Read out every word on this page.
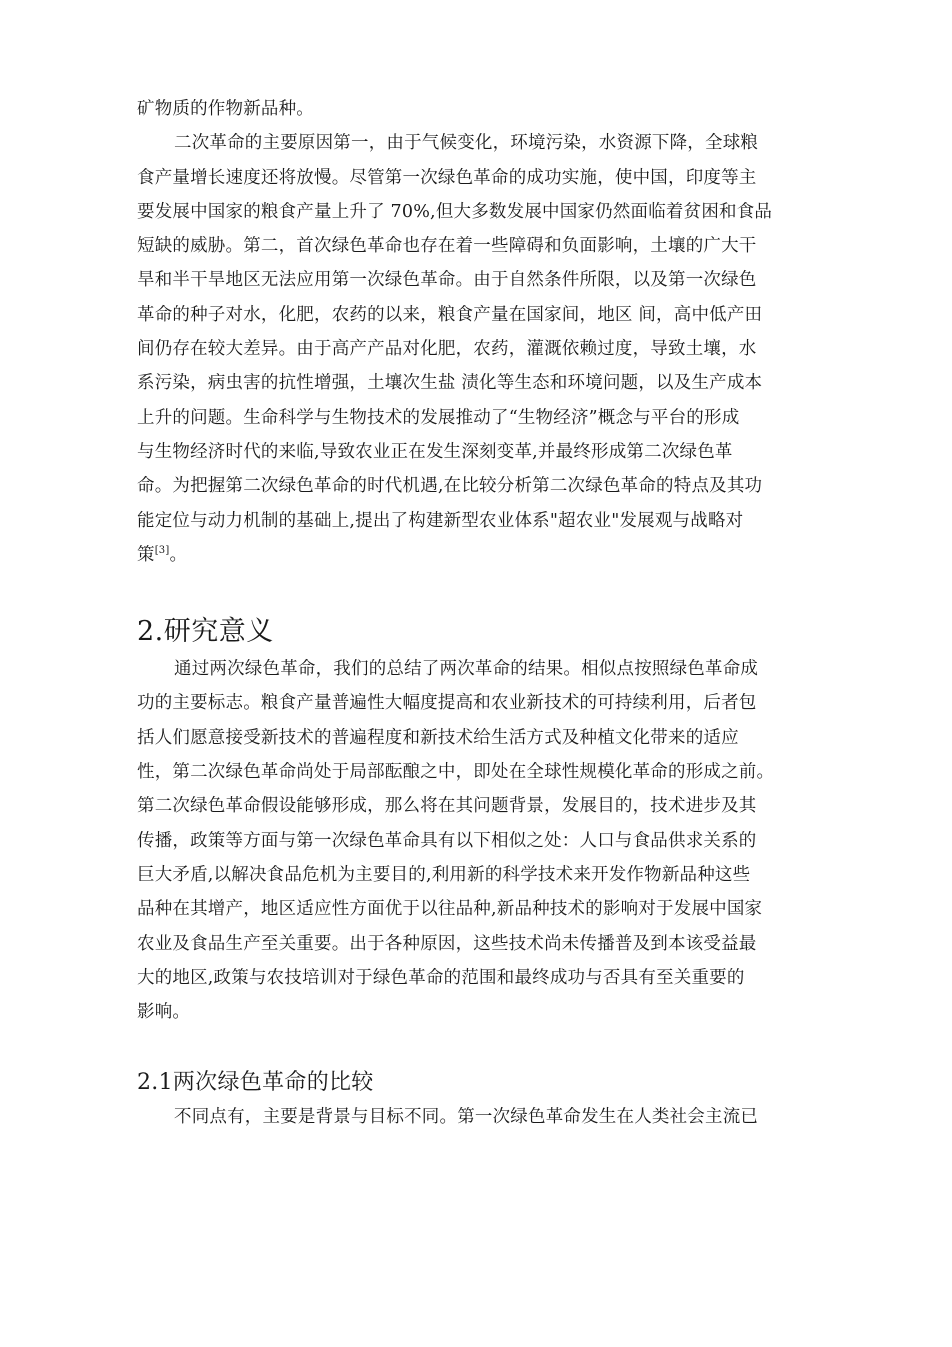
矿物质的作物新品种。
二次革命的主要原因第一，由于气候变化，环境污染，水资源下降，全球粮
食产量增长速度还将放慢。尽管第一次绿色革命的成功实施，使中国，印度等主
要发展中国家的粮食产量上升了 70%,但大多数发展中国家仍然面临着贫困和食品
短缺的威胁。第二，首次绿色革命也存在着一些障碍和负面影响，土壤的广大干
旱和半干旱地区无法应用第一次绿色革命。由于自然条件所限，以及第一次绿色
革命的种子对水，化肥，农药的以来，粮食产量在国家间，地区 间，高中低产田
间仍存在较大差异。由于高产产品对化肥，农药，灌溉依赖过度，导致土壤，水
系污染，病虫害的抗性增强，土壤次生盐 渍化等生态和环境问题，以及生产成本
上升的问题。生命科学与生物技术的发展推动了“生物经济”概念与平台的形成
与生物经济时代的来临,导致农业正在发生深刻变革,并最终形成第二次绿色革
命。为把握第二次绿色革命的时代机遇,在比较分析第二次绿色革命的特点及其功
能定位与动力机制的基础上,提出了构建新型农业体系"超农业"发展观与战略对
策[3]。
2.研究意义
通过两次绿色革命，我们的总结了两次革命的结果。相似点按照绿色革命成
功的主要标志。粮食产量普遍性大幅度提高和农业新技术的可持续利用，后者包
括人们愿意接受新技术的普遍程度和新技术给生活方式及种植文化带来的适应
性，第二次绿色革命尚处于局部酝酿之中，即处在全球性规模化革命的形成之前。
第二次绿色革命假设能够形成，那么将在其问题背景，发展目的，技术进步及其
传播，政策等方面与第一次绿色革命具有以下相似之处：人口与食品供求关系的
巨大矛盾,以解决食品危机为主要目的,利用新的科学技术来开发作物新品种这些
品种在其增产，地区适应性方面优于以往品种,新品种技术的影响对于发展中国家
农业及食品生产至关重要。出于各种原因，这些技术尚未传播普及到本该受益最
大的地区,政策与农技培训对于绿色革命的范围和最终成功与否具有至关重要的
影响。
2.1两次绿色革命的比较
不同点有，主要是背景与目标不同。第一次绿色革命发生在人类社会主流已
